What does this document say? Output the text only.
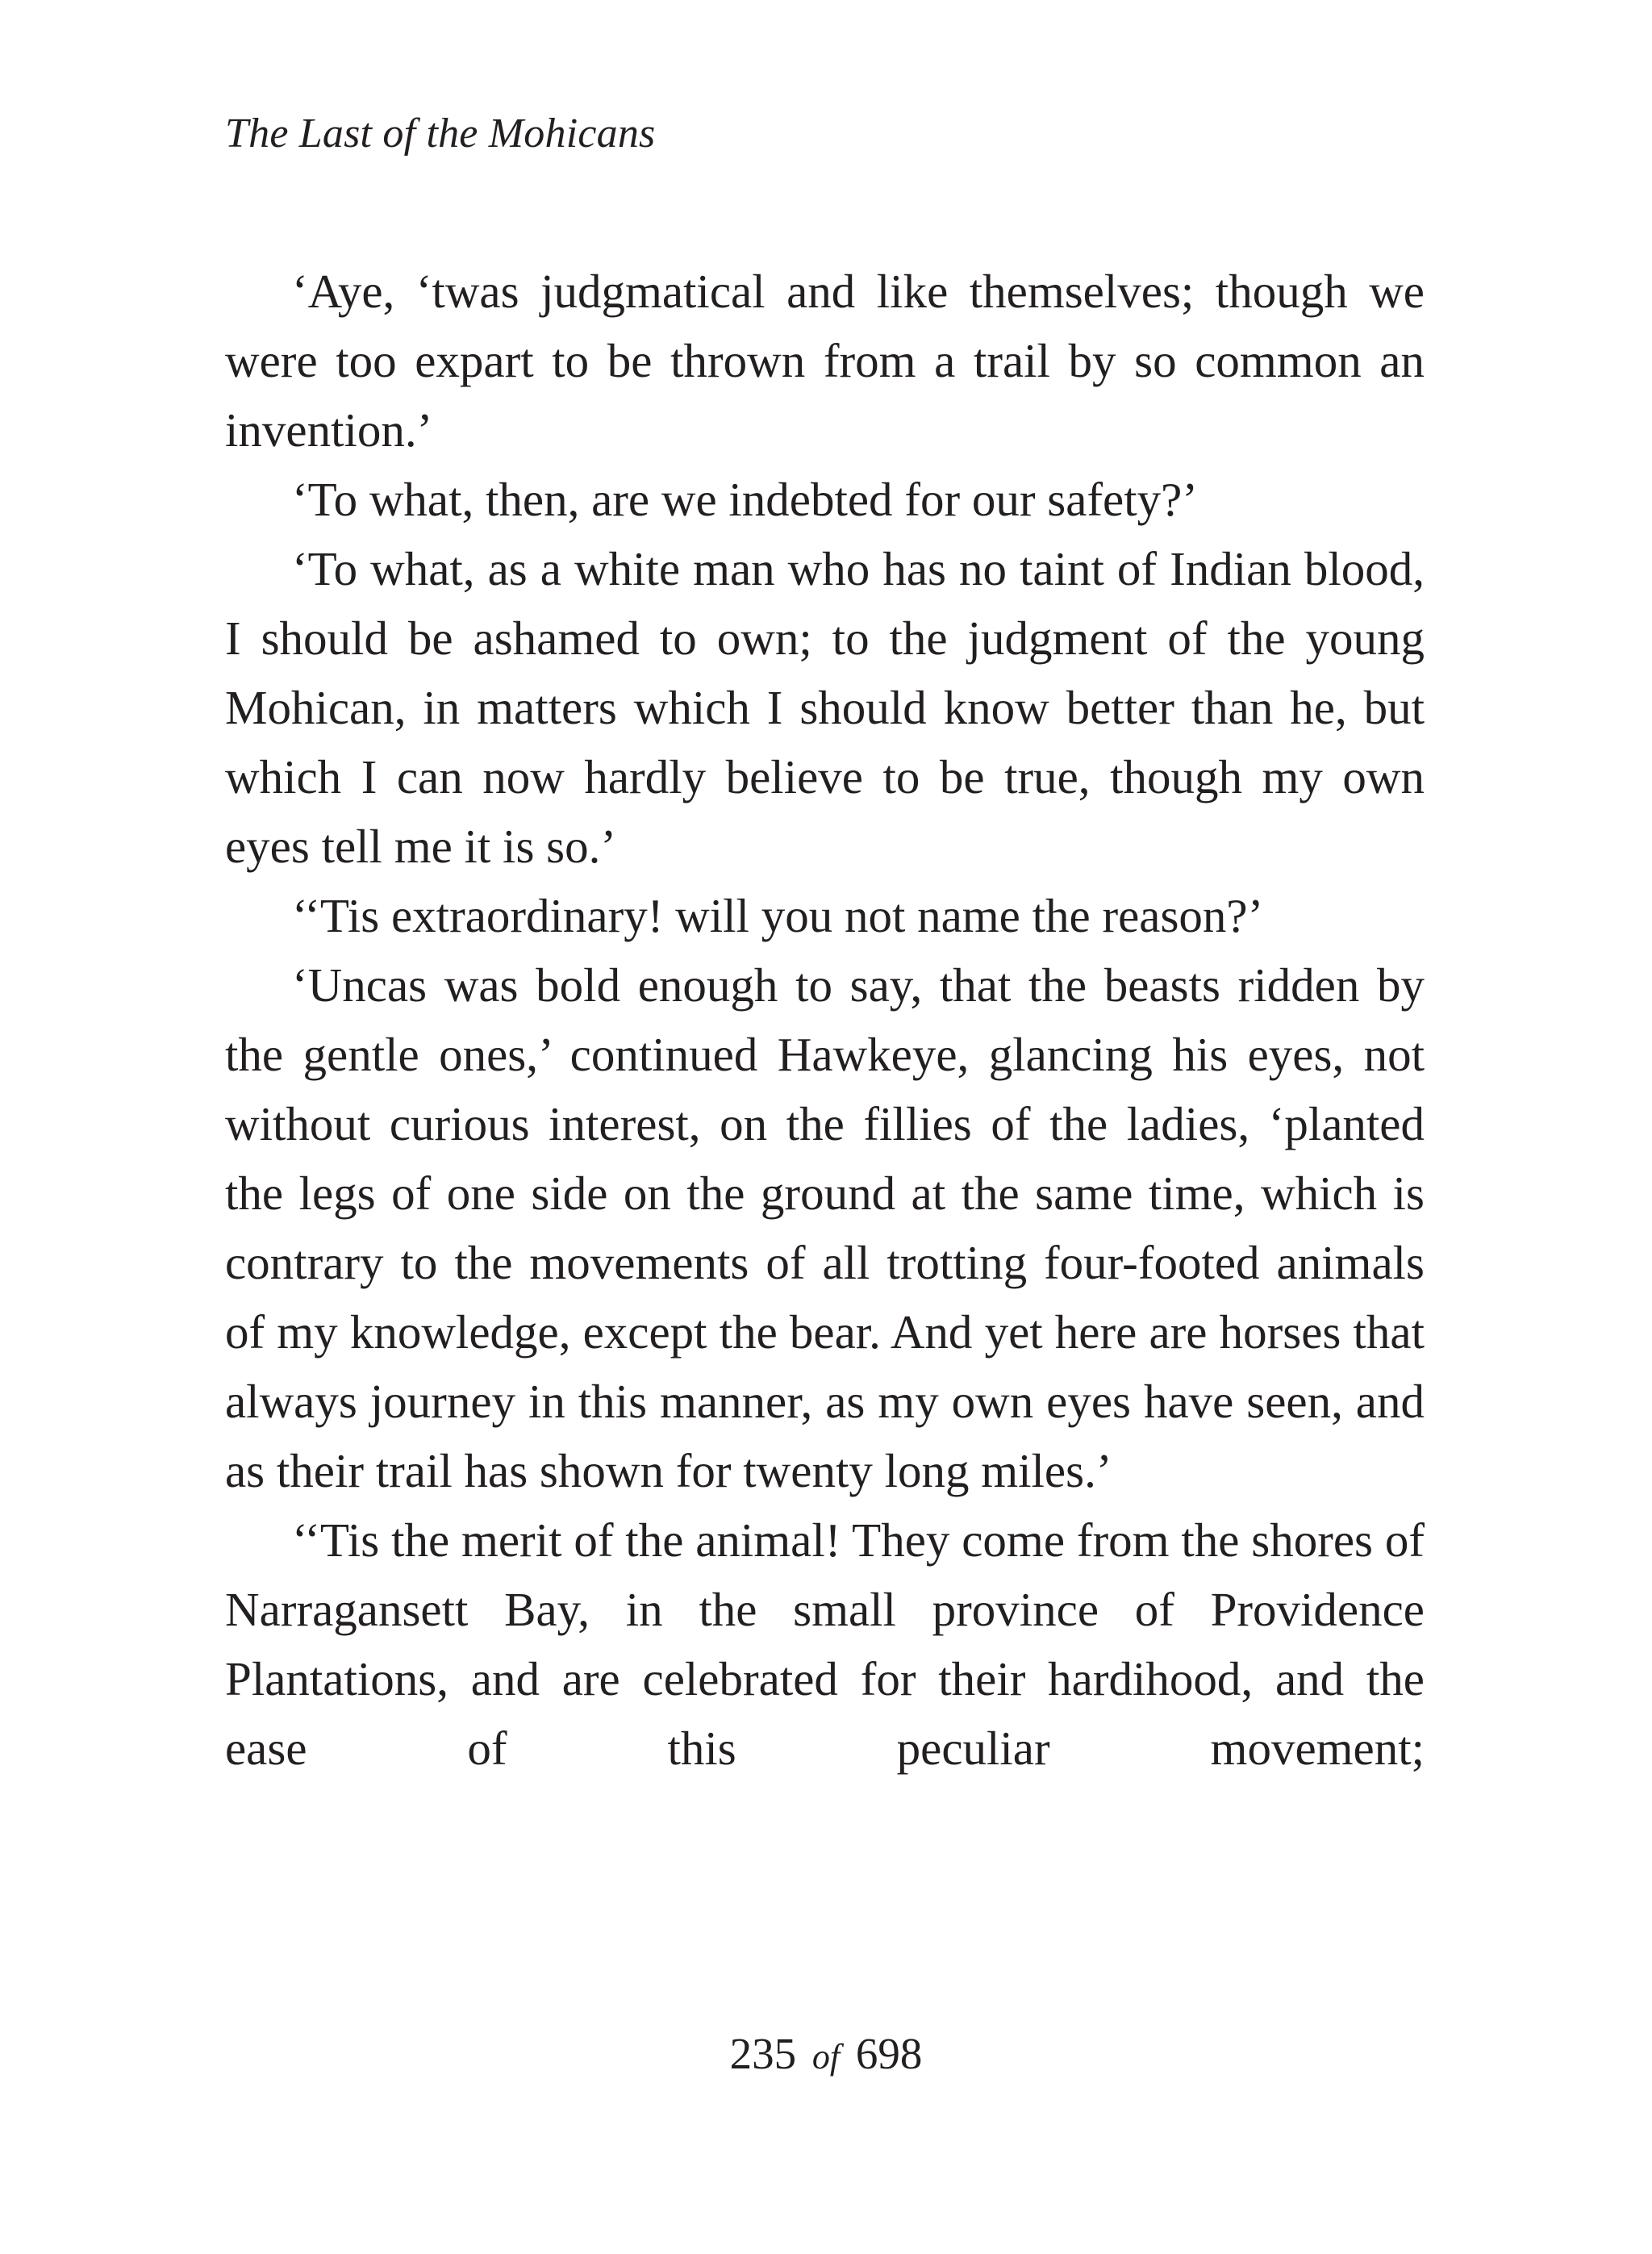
The Last of the Mohicans

‘Aye, ‘twas judgmatical and like themselves; though we were too expart to be thrown from a trail by so common an invention.’

‘To what, then, are we indebted for our safety?’

‘To what, as a white man who has no taint of Indian blood, I should be ashamed to own; to the judgment of the young Mohican, in matters which I should know better than he, but which I can now hardly believe to be true, though my own eyes tell me it is so.’

‘‘Tis extraordinary! will you not name the reason?’

‘Uncas was bold enough to say, that the beasts ridden by the gentle ones,’ continued Hawkeye, glancing his eyes, not without curious interest, on the fillies of the ladies, ‘planted the legs of one side on the ground at the same time, which is contrary to the movements of all trotting four-footed animals of my knowledge, except the bear. And yet here are horses that always journey in this manner, as my own eyes have seen, and as their trail has shown for twenty long miles.’

‘‘Tis the merit of the animal! They come from the shores of Narragansett Bay, in the small province of Providence Plantations, and are celebrated for their hardihood, and the ease of this peculiar movement;

235 of 698
